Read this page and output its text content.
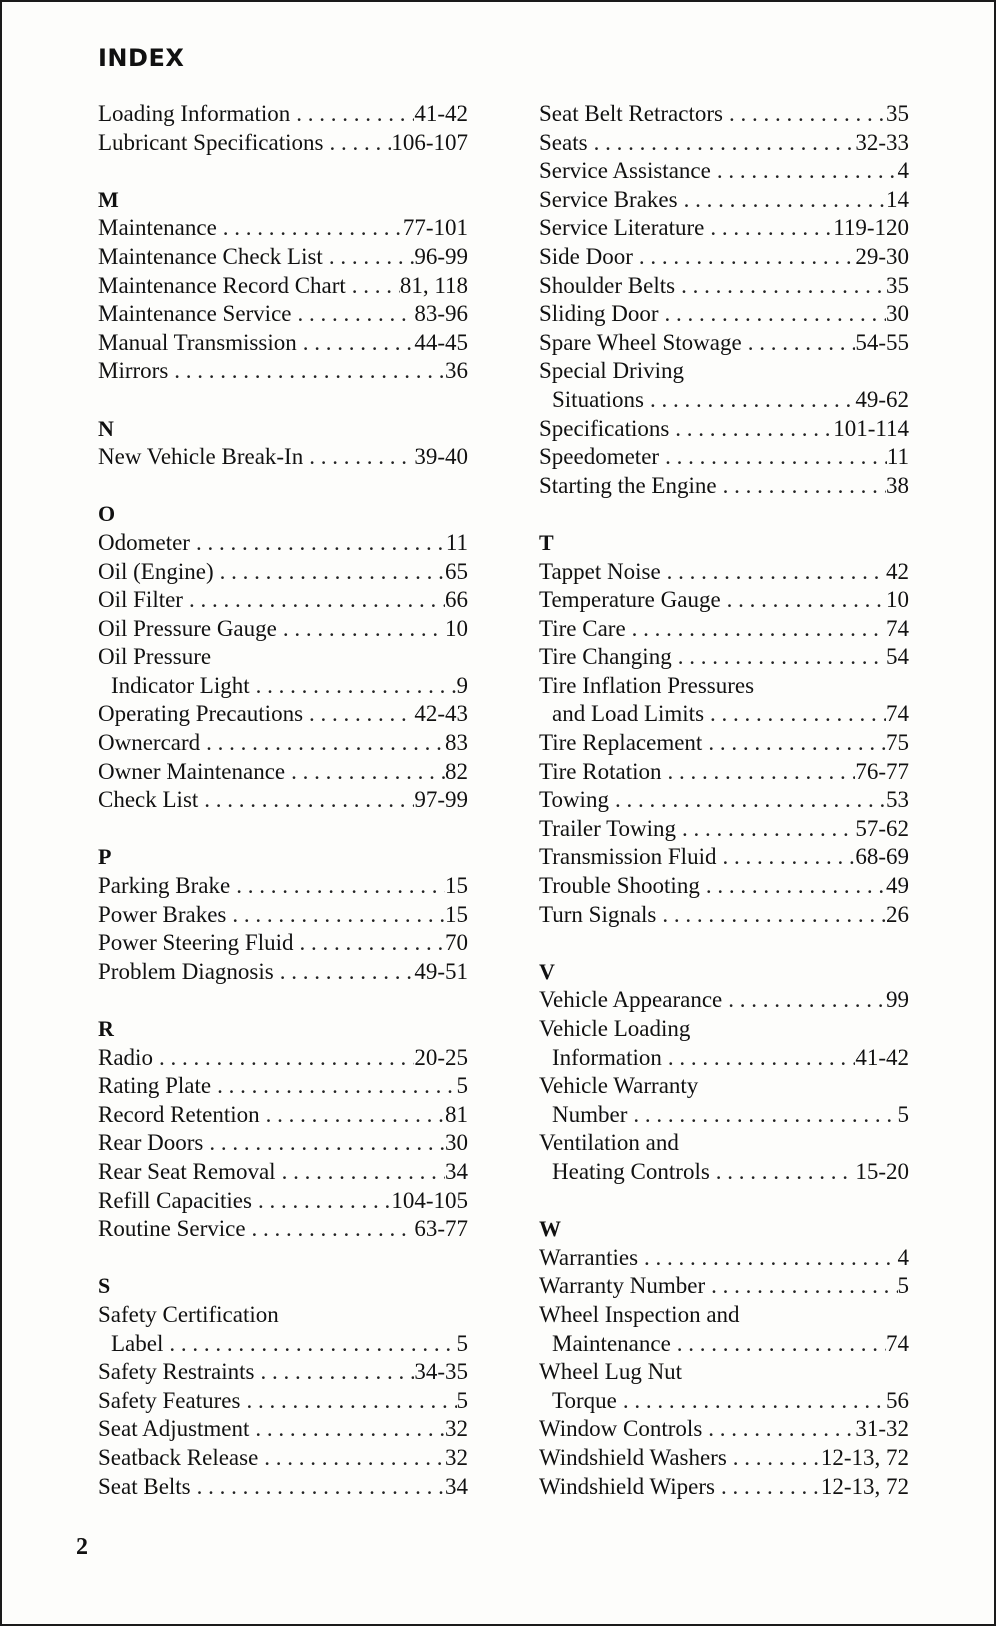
INDEX
Loading Information . . .	41-42
Lubricant Specifications . . .	106-107
M
Maintenance . . .	77-101
Maintenance Check List . . .	96-99
Maintenance Record Chart . . . 81, 118
Maintenance Service . . .	83-96
Manual Transmission . . .	44-45
Mirrors . . .	36
N
New Vehicle Break-In . . .	39-40
O
Odometer . . .	11
Oil (Engine) . . .	65
Oil Filter . . .	66
Oil Pressure Gauge . . .	10
Oil Pressure
Indicator Light . . .	9
Operating Precautions . . .	42-43
Ownercard . . .	83
Owner Maintenance . . .	82
Check List . . .	97-99
P
Parking Brake . . .	15
Power Brakes . . .	15
Power Steering Fluid . . .	70
Problem Diagnosis . . .	49-51
R
Radio . . .	20-25
Rating Plate . . .	5
Record Retention . . .	81
Rear Doors . . .	30
Rear Seat Removal . . .	34
Refill Capacities . . .	104-105
Routine Service . . .	63-77
S
Safety Certification
Label . . .	5
Safety Restraints . . .	34-35
Safety Features . . .	5
Seat Adjustment . . .	32
Seatback Release . . .	32
Seat Belts . . .	34
Seat Belt Retractors . . .	35
Seats . . .	32-33
Service Assistance . . .	4
Service Brakes . . .	14
Service Literature . . .	119-120
Side Door . . .	29-30
Shoulder Belts . . .	35
Sliding Door . . .	30
Spare Wheel Stowage . . .	54-55
Special Driving
Situations . . .	49-62
Specifications . . .	101-114
Speedometer . . .	11
Starting the Engine . . .	38
T
Tappet Noise . . .	42
Temperature Gauge . . .	10
Tire Care . . .	74
Tire Changing . . .	54
Tire Inflation Pressures
and Load Limits . . .	74
Tire Replacement . . .	75
Tire Rotation . . .	76-77
Towing . . .	53
Trailer Towing . . .	57-62
Transmission Fluid . . .	68-69
Trouble Shooting . . .	49
Turn Signals . . .	26
V
Vehicle Appearance . . .	99
Vehicle Loading
Information . . .	41-42
Vehicle Warranty
Number . . .	5
Ventilation and
Heating Controls . . .	15-20
W
Warranties . . .	4
Warranty Number . . .	5
Wheel Inspection and
Maintenance . . .	74
Wheel Lug Nut
Torque . . .	56
Window Controls . . .	31-32
Windshield Washers . . .	12-13, 72
Windshield Wipers . . .	12-13, 72
2
